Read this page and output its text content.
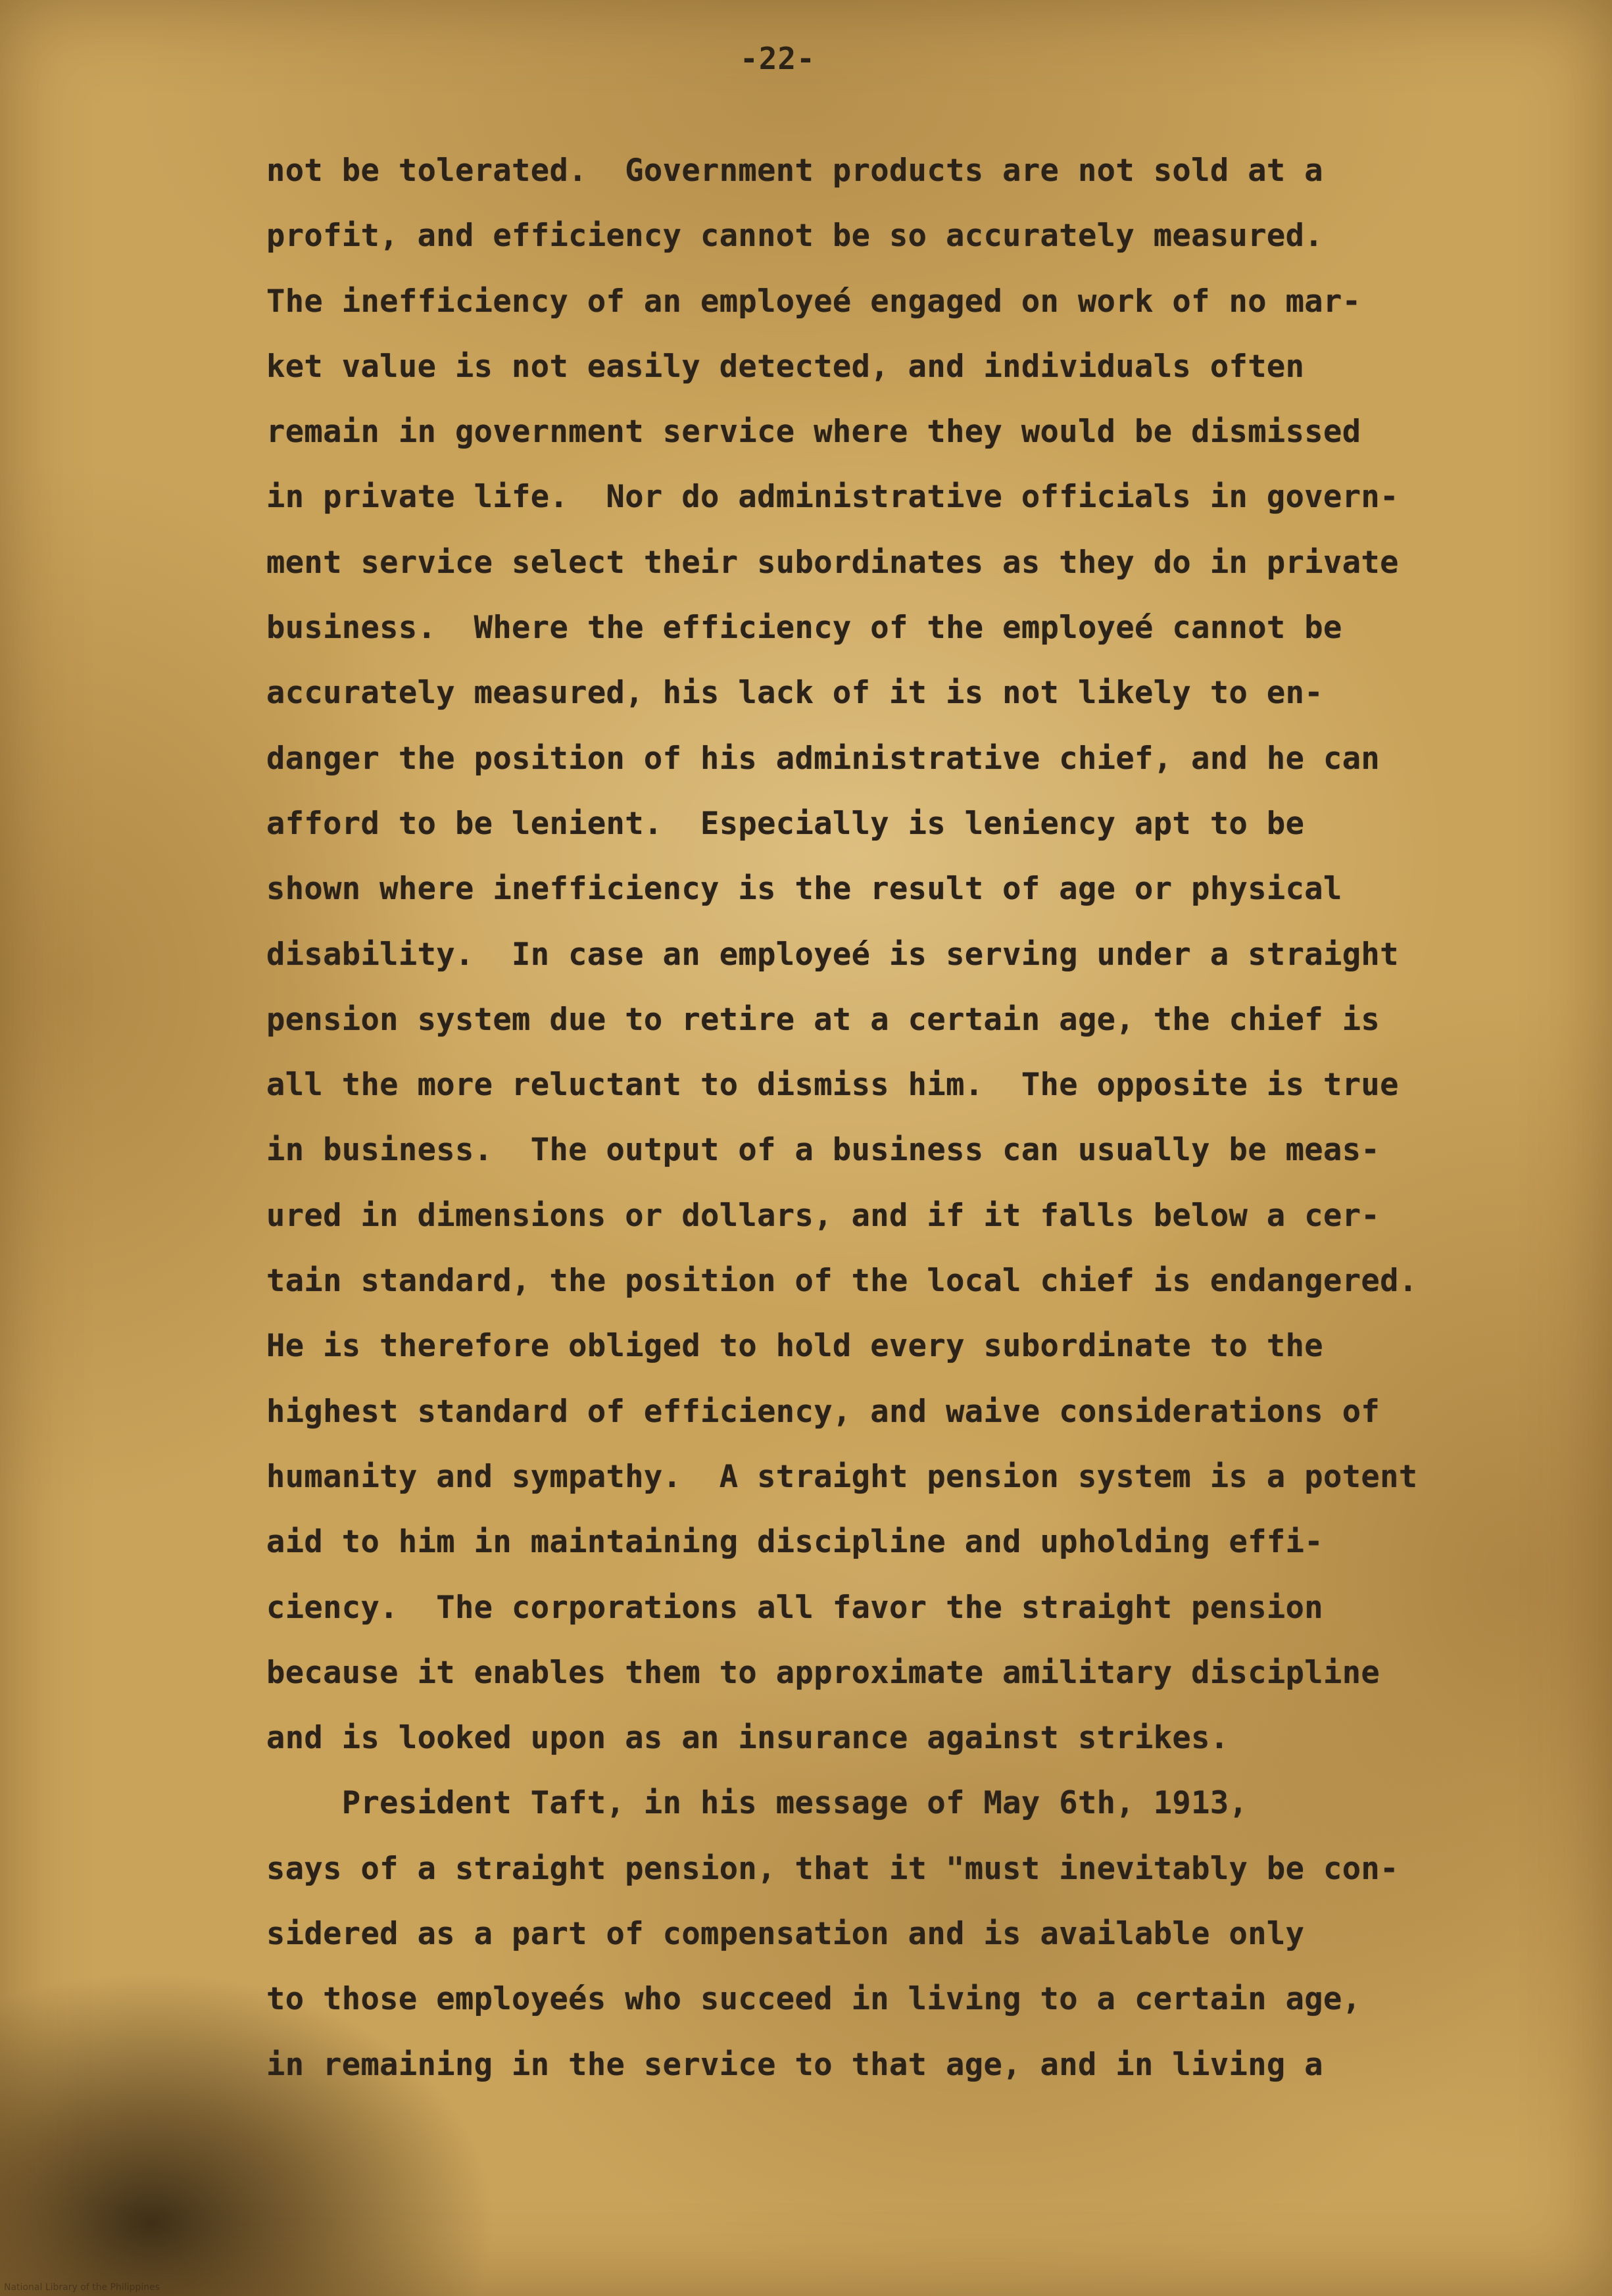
-22-
not be tolerated.  Government products are not sold at a
profit, and efficiency cannot be so accurately measured.
The inefficiency of an employeé engaged on work of no mar-
ket value is not easily detected, and individuals often
remain in government service where they would be dismissed
in private life.  Nor do administrative officials in govern-
ment service select their subordinates as they do in private
business.  Where the efficiency of the employeé cannot be
accurately measured, his lack of it is not likely to en-
danger the position of his administrative chief, and he can
afford to be lenient.  Especially is leniency apt to be
shown where inefficiency is the result of age or physical
disability.  In case an employeé is serving under a straight
pension system due to retire at a certain age, the chief is
all the more reluctant to dismiss him.  The opposite is true
in business.  The output of a business can usually be meas-
ured in dimensions or dollars, and if it falls below a cer-
tain standard, the position of the local chief is endangered.
He is therefore obliged to hold every subordinate to the
highest standard of efficiency, and waive considerations of
humanity and sympathy.  A straight pension system is a potent
aid to him in maintaining discipline and upholding effi-
ciency.  The corporations all favor the straight pension
because it enables them to approximate amilitary discipline
and is looked upon as an insurance against strikes.
President Taft, in his message of May 6th, 1913,
says of a straight pension, that it "must inevitably be con-
sidered as a part of compensation and is available only
to those employeés who succeed in living to a certain age,
in remaining in the service to that age, and in living a
National Library of the Philippines
